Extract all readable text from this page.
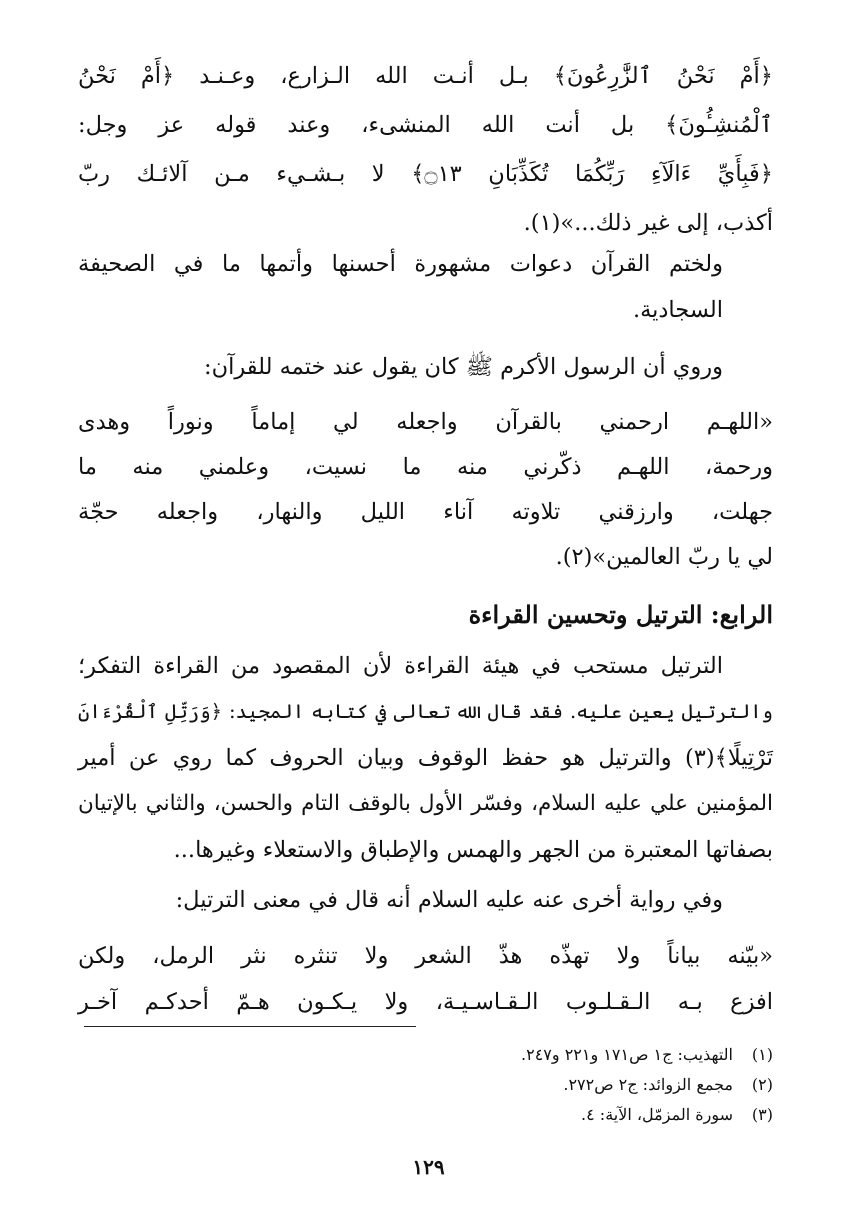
﴿أَمْ نَحْنُ ٱلزَّٰرِعُونَ﴾ بـل أنـت الله الـزارع، وعـنـد ﴿أَمْ نَحْنُ
ٱلْمُنشِـُٔونَ﴾ بل أنت الله المنشىء، وعند قوله عز وجل:
﴿فَبِأَيِّ ءَالَآءِ رَبِّكُمَا تُكَذِّبَانِ ۝١٣﴾ لا بـشـيء مـن آلائـك ربّ
أكذب، إلى غير ذلك...»(١).
ولختم القرآن دعوات مشهورة أحسنها وأتمها ما في الصحيفة السجادية.
وروي أن الرسول الأكرم ﷺ كان يقول عند ختمه للقرآن:
«اللهـم ارحمني بالقرآن واجعله لي إماماً ونوراً وهدى
ورحمة، اللهـم ذكّرني منه ما نسيت، وعلمني منه ما
جهلت، وارزقني تلاوته آناء الليل والنهار، واجعله حجّة
لي يا ربّ العالمين»(٢).
الرابع: الترتيل وتحسين القراءة
الترتيل مستحب في هيئة القراءة لأن المقصود من القراءة التفكر؛
والترتيل يعين عليه. فقد قال الله تعالى في كتابه المجيد: ﴿وَرَتِّلِ ٱلْقُرْءَانَ
تَرْتِيلًا﴾(٣) والترتيل هو حفظ الوقوف وبيان الحروف كما روي عن أمير
المؤمنين علي عليه السلام، وفسّر الأول بالوقف التام والحسن، والثاني بالإتيان
بصفاتها المعتبرة من الجهر والهمس والإطباق والاستعلاء وغيرها...
وفي رواية أخرى عنه عليه السلام أنه قال في معنى الترتيل:
«بيّنه بياناً ولا تهذّه هذّ الشعر ولا تنثره نثر الرمل، ولكن
افزع بـه الـقـلـوب الـقـاسـيـة، ولا يـكـون هـمّ أحدكـم آخـر
(١)التهذيب: ج١ ص١٧١ و٢٢١ و٢٤٧.
(٢)مجمع الزوائد: ج٢ ص٢٧٢.
(٣)سورة المزمّل، الآية: ٤.
١٢٩
